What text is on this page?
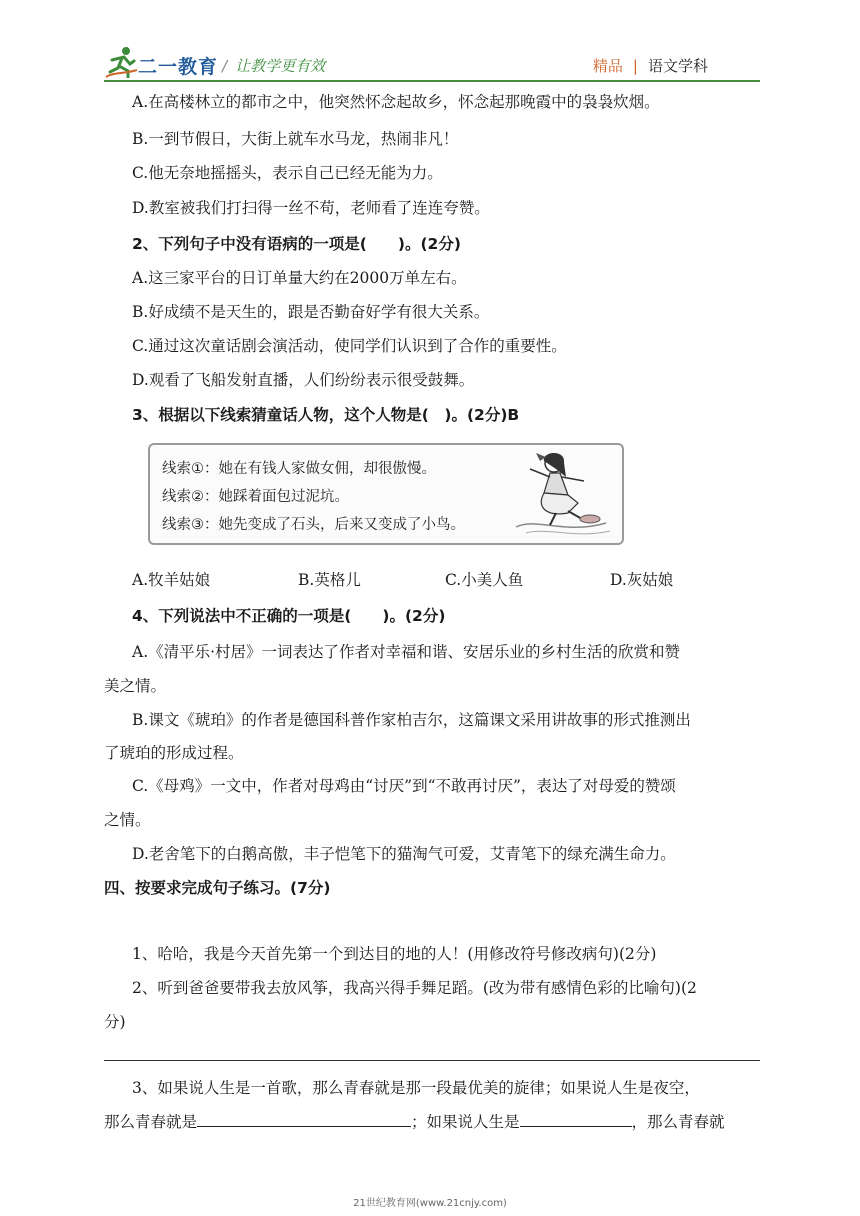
二一教育 / 让教学更有效	精品 | 语文学科
A.在高楼林立的都市之中，他突然怀念起故乡，怀念起那晚霞中的袅袅炊烟。
B.一到节假日，大街上就车水马龙，热闹非凡！
C.他无奈地摇摇头，表示自己已经无能为力。
D.教室被我们打扫得一丝不苟，老师看了连连夸赞。
2、下列句子中没有语病的一项是(　　)。(2分)
A.这三家平台的日订单量大约在2000万单左右。
B.好成绩不是天生的，跟是否勤奋好学有很大关系。
C.通过这次童话剧会演活动，使同学们认识到了合作的重要性。
D.观看了飞船发射直播，人们纷纷表示很受鼓舞。
3、根据以下线索猜童话人物，这个人物是(　)。(2分)B
线索①：她在有钱人家做女佣，却很傲慢。
线索②：她踩着面包过泥坑。
线索③：她先变成了石头，后来又变成了小鸟。
A.牧羊姑娘	B.英格儿	C.小美人鱼	D.灰姑娘
4、下列说法中不正确的一项是(　　)。(2分)
A.《清平乐·村居》一词表达了作者对幸福和谐、安居乐业的乡村生活的欣赏和赞
美之情。
B.课文《琥珀》的作者是德国科普作家柏吉尔，这篇课文采用讲故事的形式推测出
了琥珀的形成过程。
C.《母鸡》一文中，作者对母鸡由“讨厌”到“不敢再讨厌”，表达了对母爱的赞颂
之情。
D.老舍笔下的白鹅高傲，丰子恺笔下的猫淘气可爱，艾青笔下的绿充满生命力。
四、按要求完成句子练习。(7分)
1、哈哈，我是今天首先第一个到达目的地的人！(用修改符号修改病句)(2分)
2、听到爸爸要带我去放风筝，我高兴得手舞足蹈。(改为带有感情色彩的比喻句)(2
分)
3、如果说人生是一首歌，那么青春就是那一段最优美的旋律；如果说人生是夜空，
那么青春就是	；如果说人生是	，那么青春就
21世纪教育网(www.21cnjy.com)
